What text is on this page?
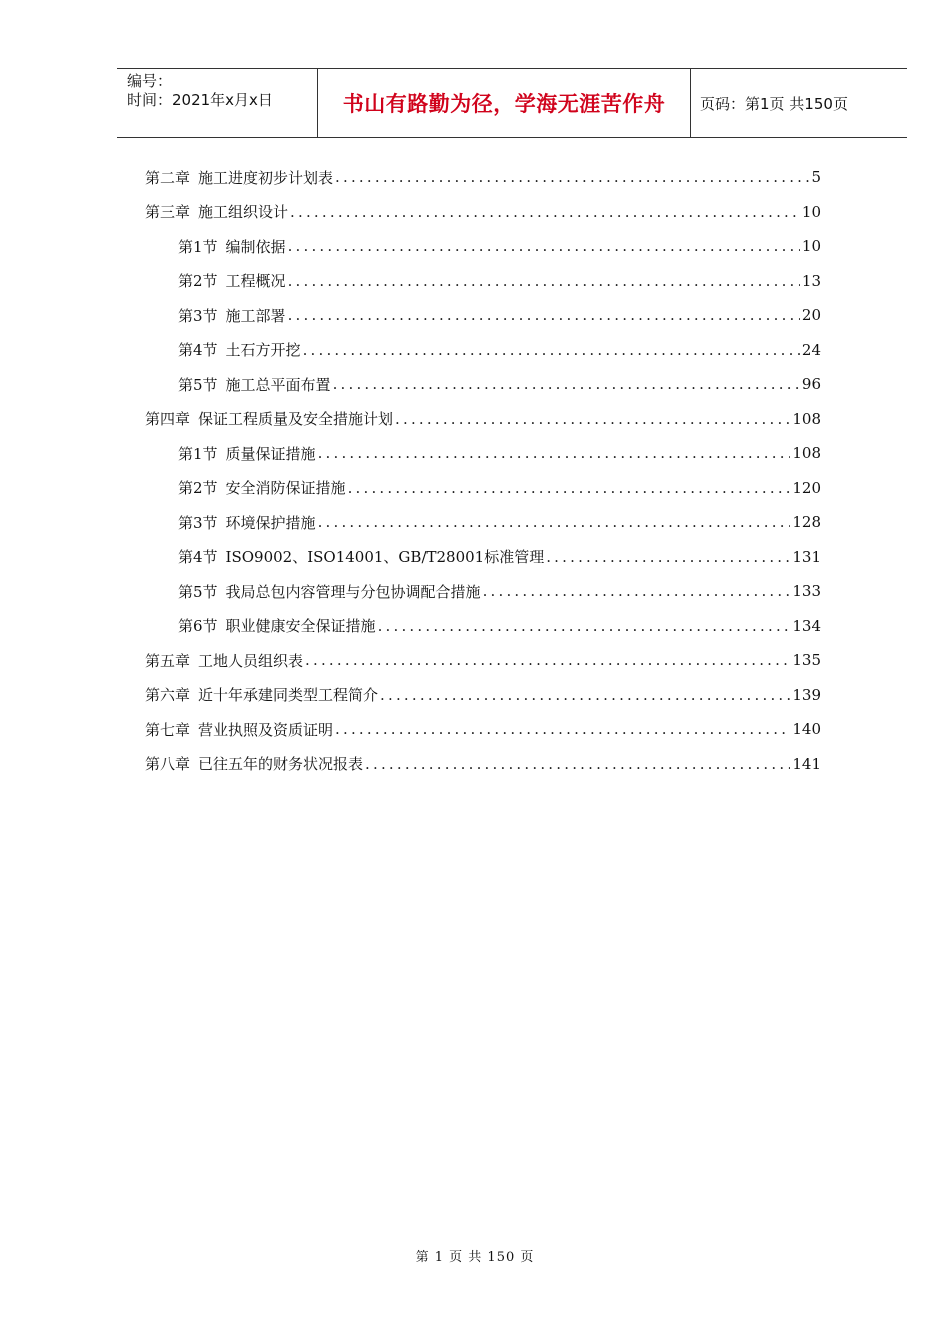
编号：
时间：2021年x月x日	书山有路勤为径，学海无涯苦作舟	页码：第1页 共150页
第二章 施工进度初步计划表 .....	5
第三章 施工组织设计 .....	10
第1节 编制依据 .....	10
第2节 工程概况 .....	13
第3节 施工部署 .....	20
第4节 土石方开挖 .....	24
第5节 施工总平面布置 .....	96
第四章 保证工程质量及安全措施计划 .....	108
第1节 质量保证措施 .....	108
第2节 安全消防保证措施 .....	120
第3节 环境保护措施 .....	128
第4节 ISO9002、ISO14001、GB/T28001标准管理 .....	131
第5节 我局总包内容管理与分包协调配合措施 .....	133
第6节 职业健康安全保证措施 .....	134
第五章 工地人员组织表 .....	135
第六章 近十年承建同类型工程简介 .....	139
第七章 营业执照及资质证明 .....	140
第八章 已往五年的财务状况报表 .....	141
第 1 页 共 150 页
